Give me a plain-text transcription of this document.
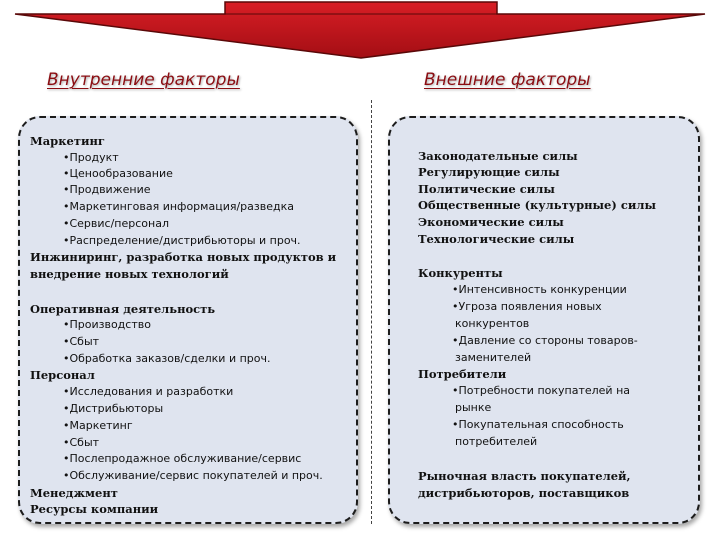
Внутренние факторы	Внешние факторы
Маркетинг
•Продукт
•Ценообразование
•Продвижение
•Маркетинговая информация/разведка
•Сервис/персонал
•Распределение/дистрибьюторы и проч.
Инжиниринг, разработка новых продуктов и
внедрение новых технологий
Оперативная деятельность
•Производство
•Сбыт
•Обработка заказов/сделки и проч.
Персонал
•Исследования и разработки
•Дистрибьюторы
•Маркетинг
•Сбыт
•Послепродажное обслуживание/сервис
•Обслуживание/сервис покупателей и проч.
Менеджмент
Ресурсы компании
Законодательные силы
Регулирующие силы
Политические силы
Общественные (культурные) силы
Экономические силы
Технологические силы
Конкуренты
•Интенсивность конкуренции
•Угроза появления новых
конкурентов
•Давление со стороны товаров-
заменителей
Потребители
•Потребности покупателей на
рынке
•Покупательная способность
потребителей
Рыночная власть покупателей,
дистрибьюторов, поставщиков
